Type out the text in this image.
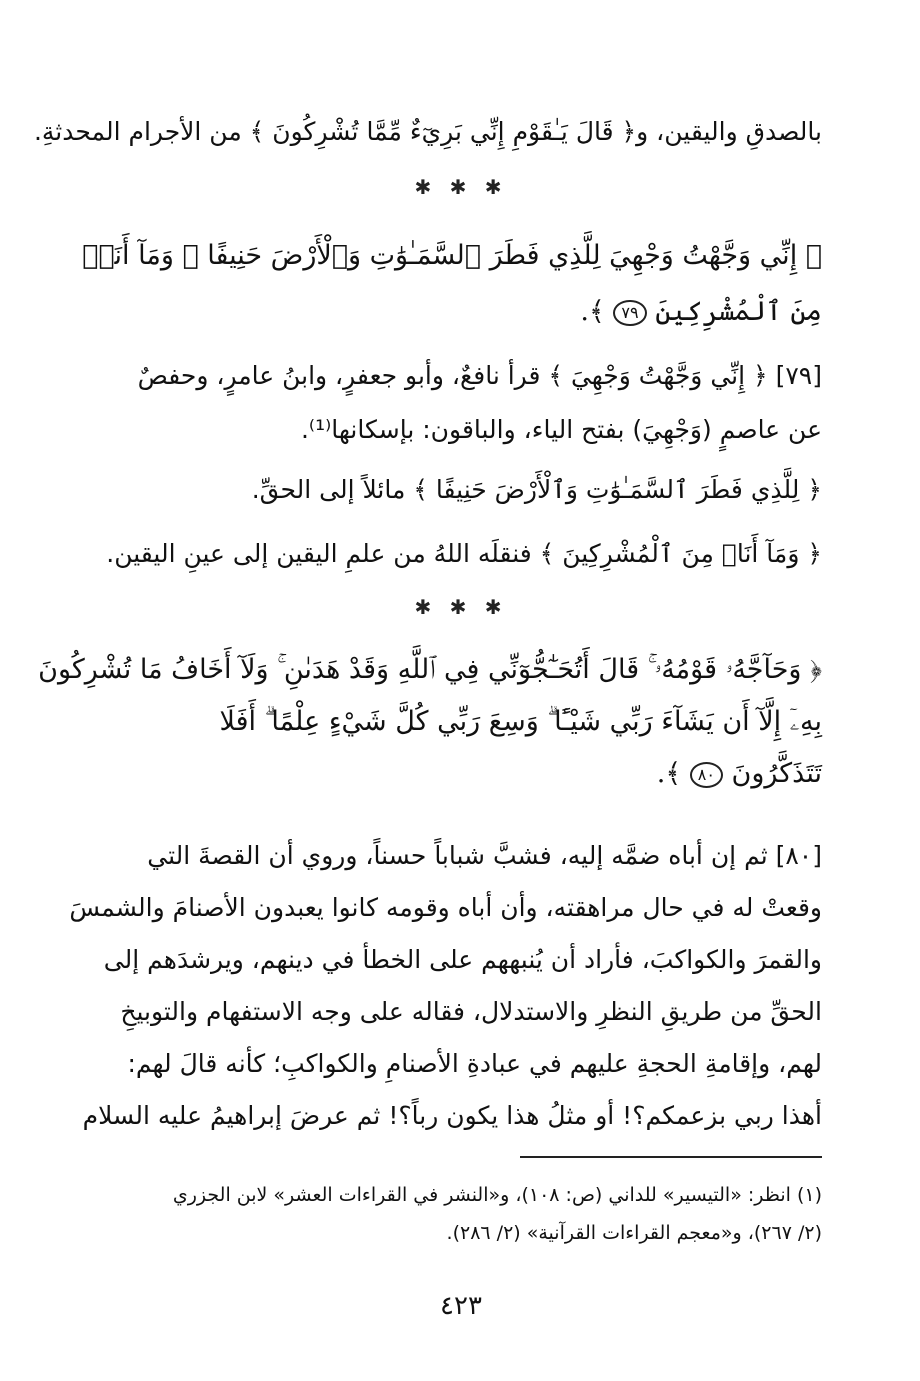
بالصدقِ واليقين، و﴿ قَالَ يَـٰقَوْمِ إِنِّي بَرِيٓءٌ مِّمَّا تُشْرِكُونَ ﴾ من الأجرام المحدثةِ.
✱ ✱ ✱
﴿ إِنِّي وَجَّهْتُ وَجْهِيَ لِلَّذِي فَطَرَ ٱلسَّمَـٰوَٰتِ وَٱلْأَرْضَ حَنِيفًا ۖ وَمَآ أَنَا۠
مِنَ ٱلْمُشْرِكِينَ ٧٩ ﴾.
[٧٩] ﴿ إِنِّي وَجَّهْتُ وَجْهِيَ ﴾ قرأ نافعٌ، وأبو جعفرٍ، وابنُ عامرٍ، وحفصٌ
عن عاصمٍ (وَجْهِيَ) بفتح الياء، والباقون: بإسكانها⁽¹⁾.
﴿ لِلَّذِي فَطَرَ ٱلسَّمَـٰوَٰتِ وَٱلْأَرْضَ حَنِيفًا ﴾ مائلاً إلى الحقِّ.
﴿ وَمَآ أَنَا۠ مِنَ ٱلْمُشْرِكِينَ ﴾ فنقلَه اللهُ من علمِ اليقين إلى عينِ اليقين.
✱ ✱ ✱
﴿ وَحَآجَّهُۥ قَوْمُهُۥ ۚ قَالَ أَتُحَـٰٓجُّوٓنِّي فِي ٱللَّهِ وَقَدْ هَدَىٰنِ ۚ وَلَآ أَخَافُ مَا تُشْرِكُونَ
بِهِۦٓ إِلَّآ أَن يَشَآءَ رَبِّي شَيْـًٔا ۗ وَسِعَ رَبِّي كُلَّ شَيْءٍ عِلْمًا ۗ أَفَلَا
تَتَذَكَّرُونَ ٨٠ ﴾.
[٨٠] ثم إن أباه ضمَّه إليه، فشبَّ شباباً حسناً، وروي أن القصةَ التي
وقعتْ له في حال مراهقته، وأن أباه وقومه كانوا يعبدون الأصنامَ والشمسَ
والقمرَ والكواكبَ، فأراد أن يُنبههم على الخطأ في دينهم، ويرشدَهم إلى
الحقِّ من طريقِ النظرِ والاستدلال، فقاله على وجه الاستفهام والتوبيخِ
لهم، وإقامةِ الحجةِ عليهم في عبادةِ الأصنامِ والكواكبِ؛ كأنه قالَ لهم:
أهذا ربي بزعمكم؟! أو مثلُ هذا يكون رباً؟! ثم عرضَ إبراهيمُ عليه السلام
(١) انظر: «التيسير» للداني (ص: ١٠٨)، و«النشر في القراءات العشر» لابن الجزري
(٢/ ٢٦٧)، و«معجم القراءات القرآنية» (٢/ ٢٨٦).
٤٢٣
